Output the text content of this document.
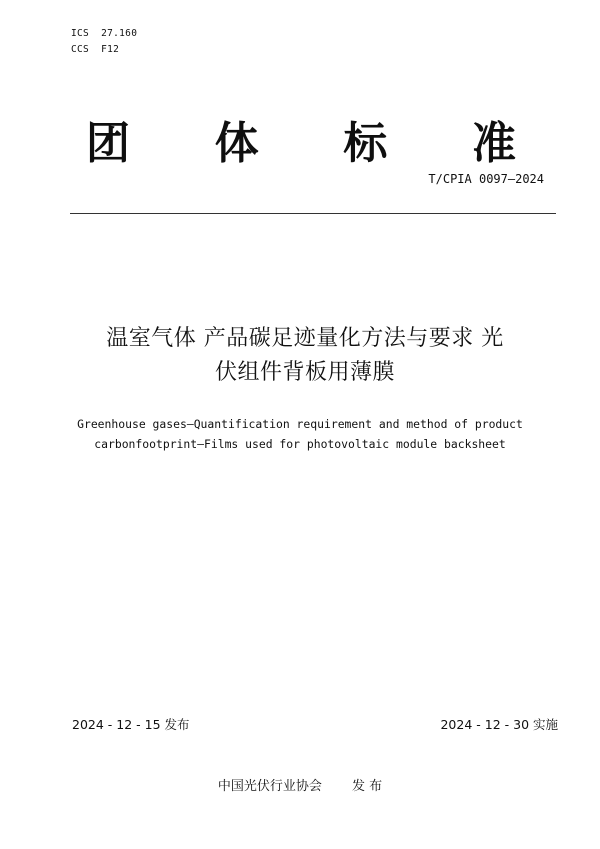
ICS  27.160
CCS  F12
团 体 标 准
T/CPIA 0097—2024
温室气体 产品碳足迹量化方法与要求 光
伏组件背板用薄膜
Greenhouse gases—Quantification requirement and method of product
carbonfootprint—Films used for photovoltaic module backsheet
2024 - 12 - 15 发布	2024 - 12 - 30 实施
中国光伏行业协会 发 布
